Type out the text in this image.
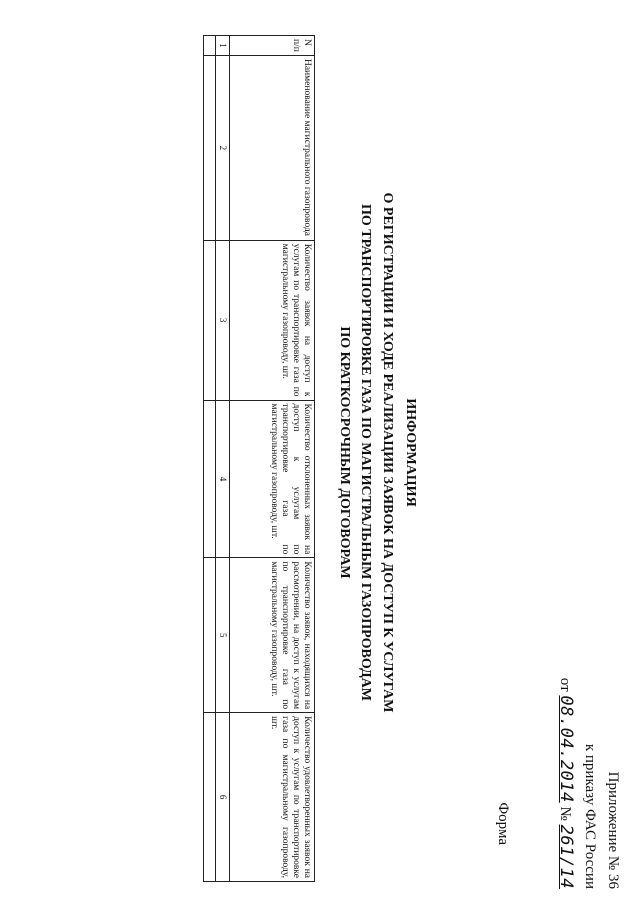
Приложение № 36
к приказу ФАС России
от 08.04.2014 № 261/14
Форма
ИНФОРМАЦИЯ
О РЕГИСТРАЦИИ И ХОДЕ РЕАЛИЗАЦИИ ЗАЯВОК НА ДОСТУП К УСЛУГАМ
ПО ТРАНСПОРТИРОВКЕ ГАЗА ПО МАГИСТРАЛЬНЫМ ГАЗОПРОВОДАМ
ПО КРАТКОСРОЧНЫМ ДОГОВОРАМ
N п/п	Наименование магистрального газопровода	Количество заявок на доступ к услугам по транспортировке газа по магистральному газопроводу, шт.	Количество отклоненных заявок на доступ к услугам по транспортировке газа по магистральному газопроводу, шт.	Количество заявок, находящихся на рассмотрении, на доступ к услугам по транспортировке газа по магистральному газопроводу, шт.	Количество удовлетворенных заявок на доступ к услугам по транспортировке газа по магистральному газопроводу, шт.
1	2	3	4	5	6
